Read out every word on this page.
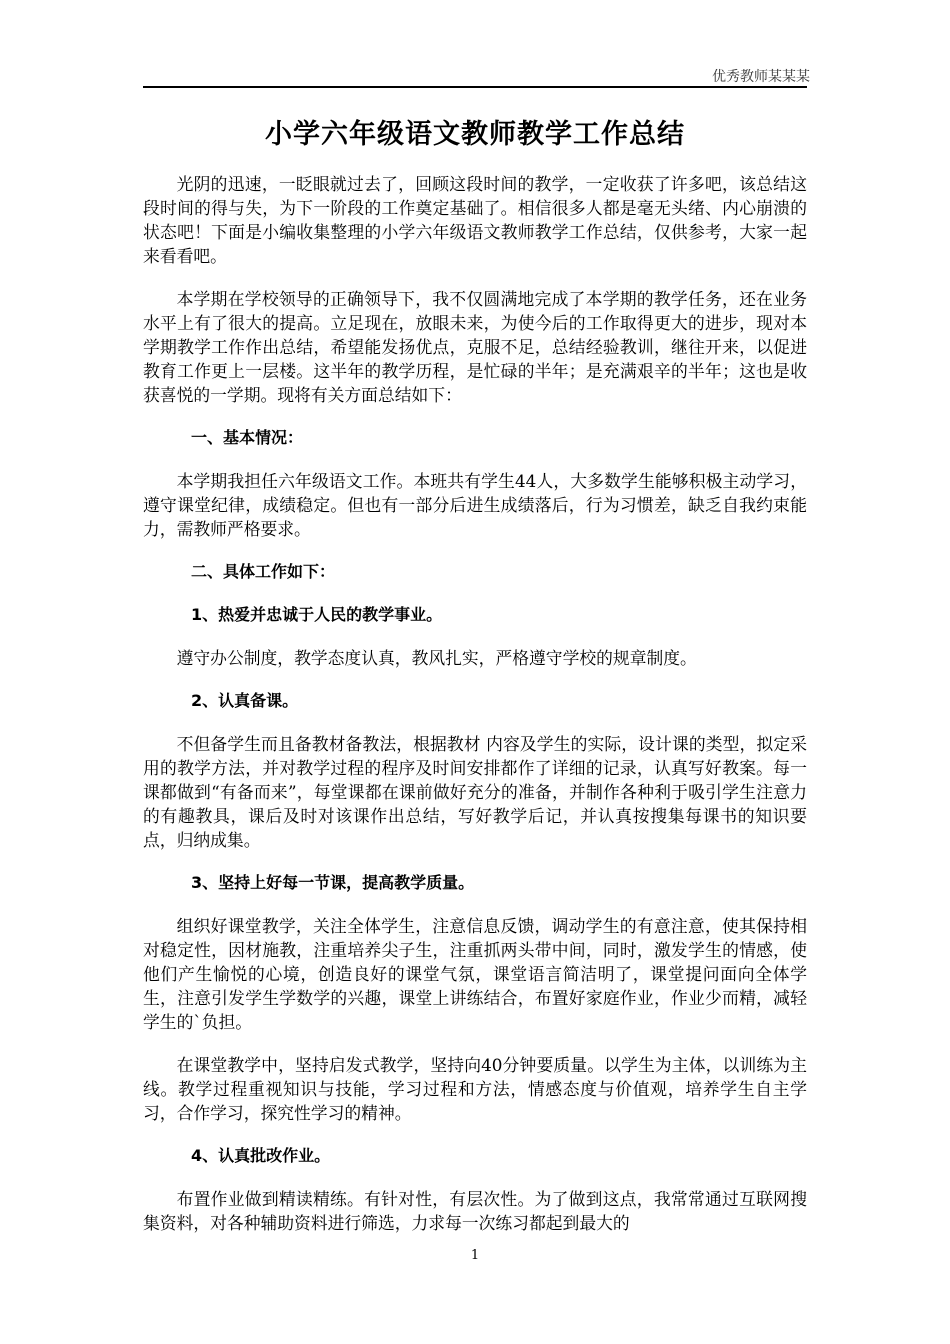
优秀教师某某某
小学六年级语文教师教学工作总结

光阴的迅速，一眨眼就过去了，回顾这段时间的教学，一定收获了许多吧，该总结这段时间的得与失，为下一阶段的工作奠定基础了。相信很多人都是毫无头绪、内心崩溃的状态吧！下面是小编收集整理的小学六年级语文教师教学工作总结，仅供参考，大家一起来看看吧。

本学期在学校领导的正确领导下，我不仅圆满地完成了本学期的教学任务，还在业务水平上有了很大的提高。立足现在，放眼未来，为使今后的工作取得更大的进步，现对本学期教学工作作出总结，希望能发扬优点，克服不足，总结经验教训，继往开来，以促进教育工作更上一层楼。这半年的教学历程，是忙碌的半年；是充满艰辛的半年；这也是收获喜悦的一学期。现将有关方面总结如下：

一、基本情况：

本学期我担任六年级语文工作。本班共有学生44人，大多数学生能够积极主动学习，遵守课堂纪律，成绩稳定。但也有一部分后进生成绩落后，行为习惯差，缺乏自我约束能力，需教师严格要求。

二、具体工作如下：
1、热爱并忠诚于人民的教学事业。

遵守办公制度，教学态度认真，教风扎实，严格遵守学校的规章制度。

2、认真备课。

不但备学生而且备教材备教法，根据教材 内容及学生的实际，设计课的类型，拟定采用的教学方法，并对教学过程的程序及时间安排都作了详细的记录，认真写好教案。每一课都做到“有备而来”，每堂课都在课前做好充分的准备，并制作各种利于吸引学生注意力的有趣教具，课后及时对该课作出总结，写好教学后记，并认真按搜集每课书的知识要点，归纳成集。

3、坚持上好每一节课，提高教学质量。

组织好课堂教学，关注全体学生，注意信息反馈，调动学生的有意注意，使其保持相对稳定性，因材施教，注重培养尖子生，注重抓两头带中间，同时，激发学生的情感，使他们产生愉悦的心境，创造良好的课堂气氛，课堂语言简洁明了，课堂提问面向全体学生，注意引发学生学数学的兴趣，课堂上讲练结合，布置好家庭作业，作业少而精，减轻学生的`负担。

在课堂教学中，坚持启发式教学，坚持向40分钟要质量。以学生为主体，以训练为主线。教学过程重视知识与技能，学习过程和方法，情感态度与价值观，培养学生自主学习，合作学习，探究性学习的精神。

4、认真批改作业。

布置作业做到精读精练。有针对性，有层次性。为了做到这点，我常常通过互联网搜集资料，对各种辅助资料进行筛选，力求每一次练习都起到最大的

1
